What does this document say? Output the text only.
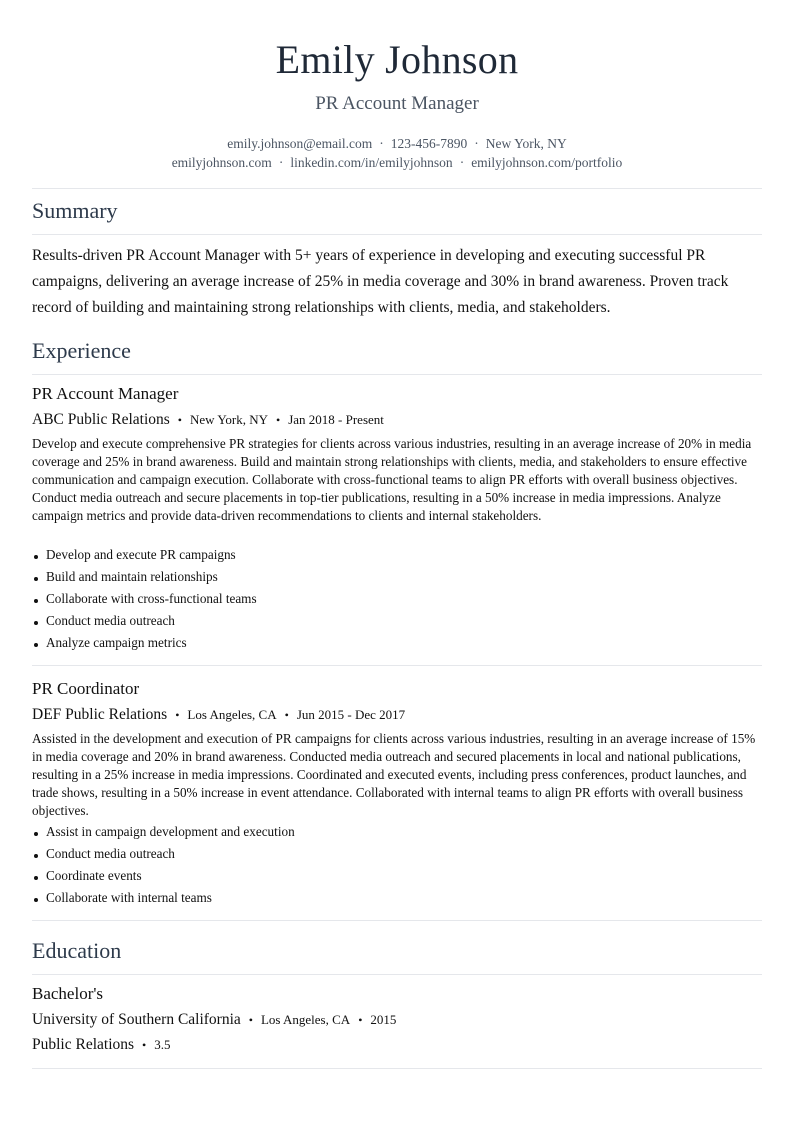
Emily Johnson
PR Account Manager
emily.johnson@email.com · 123-456-7890 · New York, NY
emilyjohnson.com · linkedin.com/in/emilyjohnson · emilyjohnson.com/portfolio
Summary
Results-driven PR Account Manager with 5+ years of experience in developing and executing successful PR campaigns, delivering an average increase of 25% in media coverage and 30% in brand awareness. Proven track record of building and maintaining strong relationships with clients, media, and stakeholders.
Experience
PR Account Manager
ABC Public Relations • New York, NY • Jan 2018 - Present
Develop and execute comprehensive PR strategies for clients across various industries, resulting in an average increase of 20% in media coverage and 25% in brand awareness. Build and maintain strong relationships with clients, media, and stakeholders to ensure effective communication and campaign execution. Collaborate with cross-functional teams to align PR efforts with overall business objectives. Conduct media outreach and secure placements in top-tier publications, resulting in a 50% increase in media impressions. Analyze campaign metrics and provide data-driven recommendations to clients and internal stakeholders.
Develop and execute PR campaigns
Build and maintain relationships
Collaborate with cross-functional teams
Conduct media outreach
Analyze campaign metrics
PR Coordinator
DEF Public Relations • Los Angeles, CA • Jun 2015 - Dec 2017
Assisted in the development and execution of PR campaigns for clients across various industries, resulting in an average increase of 15% in media coverage and 20% in brand awareness. Conducted media outreach and secured placements in local and national publications, resulting in a 25% increase in media impressions. Coordinated and executed events, including press conferences, product launches, and trade shows, resulting in a 50% increase in event attendance. Collaborated with internal teams to align PR efforts with overall business objectives.
Assist in campaign development and execution
Conduct media outreach
Coordinate events
Collaborate with internal teams
Education
Bachelor's
University of Southern California • Los Angeles, CA • 2015
Public Relations • 3.5
